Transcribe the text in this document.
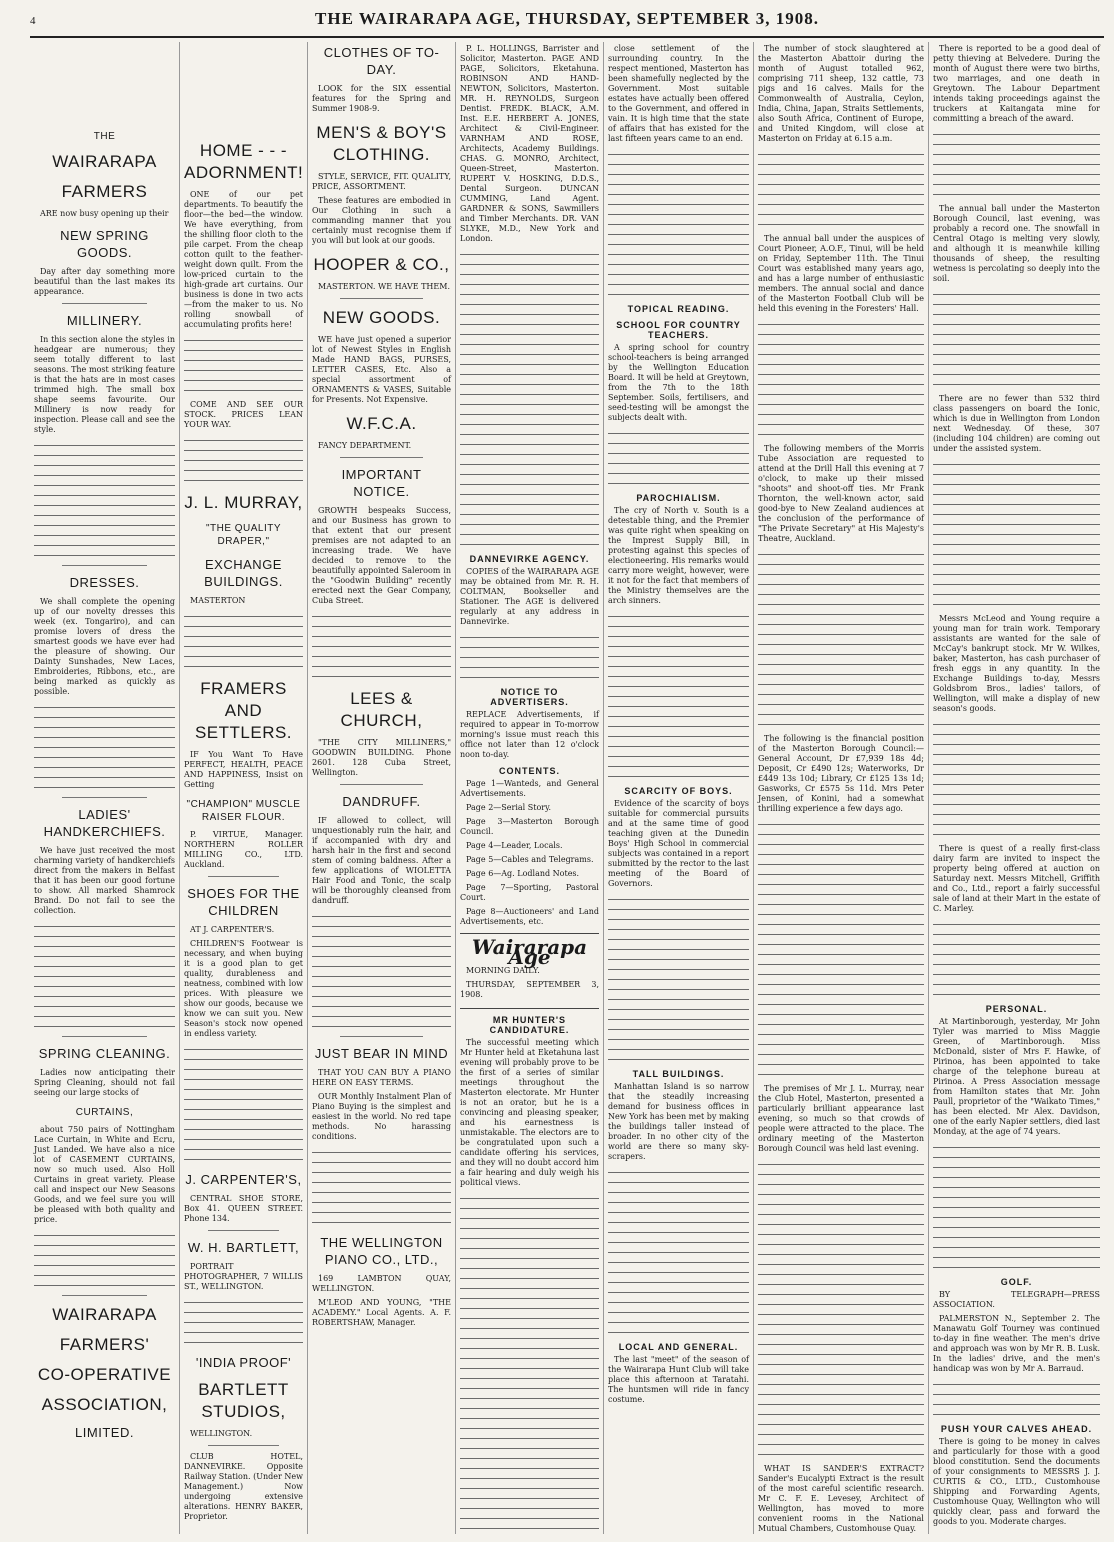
4	THE WAIRARAPA AGE, THURSDAY, SEPTEMBER 3, 1908.
THE
WAIRARAPA
FARMERS
ARE now busy opening up their
NEW SPRING GOODS.
Day after day something more beautiful than the last makes its appearance.
MILLINERY.
In this section alone the styles in headgear are numerous; they seem totally different to last seasons. The most striking feature is that the hats are in most cases trimmed high. The small box shape seems favourite. Our Millinery is now ready for inspection. Please call and see the style.
DRESSES.
We shall complete the opening up of our novelty dresses this week (ex. Tongariro), and can promise lovers of dress the smartest goods we have ever had the pleasure of showing. Our Dainty Sunshades, New Laces, Embroideries, Ribbons, etc., are being marked as quickly as possible.
LADIES' HANDKERCHIEFS.
We have just received the most charming variety of handkerchiefs direct from the makers in Belfast that it has been our good fortune to show. All marked Shamrock Brand. Do not fail to see the collection.
SPRING CLEANING.
Ladies now anticipating their Spring Cleaning, should not fail seeing our large stocks of
CURTAINS,
about 750 pairs of Nottingham Lace Curtain, in White and Ecru, Just Landed. We have also a nice lot of CASEMENT CURTAINS, now so much used. Also Holl Curtains in great variety. Please call and inspect our New Seasons Goods, and we feel sure you will be pleased with both quality and price.
WAIRARAPA
FARMERS'
CO-OPERATIVE
ASSOCIATION,
LIMITED.
HOME - - - ADORNMENT!
ONE of our pet departments. To beautify the floor—the bed—the window. We have everything, from the shilling floor cloth to the pile carpet. From the cheap cotton quilt to the feather-weight down quilt. From the low-priced curtain to the high-grade art curtains. Our business is done in two acts—from the maker to us. No rolling snowball of accumulating profits here!
COME AND SEE OUR STOCK. PRICES LEAN YOUR WAY.
J. L. MURRAY,
"THE QUALITY DRAPER,"
EXCHANGE BUILDINGS.
MASTERTON
FRAMERS AND SETTLERS.
IF You Want To Have PERFECT, HEALTH, PEACE AND HAPPINESS, Insist on Getting
"CHAMPION" MUSCLE RAISER FLOUR.
P. VIRTUE, Manager. NORTHERN ROLLER MILLING CO., LTD. Auckland.
SHOES FOR THE CHILDREN
AT J. CARPENTER'S.
CHILDREN'S Footwear is necessary, and when buying it is a good plan to get quality, durableness and neatness, combined with low prices. With pleasure we show our goods, because we know we can suit you. New Season's stock now opened in endless variety.
J. CARPENTER'S,
CENTRAL SHOE STORE, Box 41. QUEEN STREET. Phone 134.
W. H. BARTLETT,
PORTRAIT PHOTOGRAPHER, 7 WILLIS ST., WELLINGTON.
'INDIA PROOF'
BARTLETT STUDIOS,
WELLINGTON.
CLUB HOTEL, DANNEVIRKE. Opposite Railway Station. (Under New Management.) Now undergoing extensive alterations. HENRY BAKER, Proprietor.
CLOTHES OF TO-DAY.
LOOK for the SIX essential features for the Spring and Summer 1908-9.
MEN'S & BOY'S CLOTHING.
STYLE, SERVICE, FIT. QUALITY, PRICE, ASSORTMENT.
These features are embodied in Our Clothing in such a commanding manner that you certainly must recognise them if you will but look at our goods.
HOOPER & CO.,
MASTERTON. WE HAVE THEM.
NEW GOODS.
WE have just opened a superior lot of Newest Styles in English Made HAND BAGS, PURSES, LETTER CASES, Etc. Also a special assortment of ORNAMENTS & VASES, Suitable for Presents. Not Expensive.
W.F.C.A.
FANCY DEPARTMENT.
IMPORTANT NOTICE.
GROWTH bespeaks Success, and our Business has grown to that extent that our present premises are not adapted to an increasing trade. We have decided to remove to the beautifully appointed Saleroom in the "Goodwin Building" recently erected next the Gear Company, Cuba Street.
LEES & CHURCH,
"THE CITY MILLINERS," GOODWIN BUILDING. Phone 2601. 128 Cuba Street, Wellington.
DANDRUFF.
IF allowed to collect, will unquestionably ruin the hair, and if accompanied with dry and harsh hair in the first and second stem of coming baldness. After a few applications of WIOLETTA Hair Food and Tonic, the scalp will be thoroughly cleansed from dandruff.
JUST BEAR IN MIND
THAT YOU CAN BUY A PIANO HERE ON EASY TERMS.
OUR Monthly Instalment Plan of Piano Buying is the simplest and easiest in the world. No red tape methods. No harassing conditions.
THE WELLINGTON PIANO CO., LTD.,
169 LAMBTON QUAY, WELLINGTON.
M'LEOD AND YOUNG, "THE ACADEMY." Local Agents. A. F. ROBERTSHAW, Manager.
P. L. HOLLINGS, Barrister and Solicitor, Masterton. PAGE AND PAGE, Solicitors, Eketahuna. ROBINSON AND HAND-NEWTON, Solicitors, Masterton. MR. H. REYNOLDS, Surgeon Dentist. FREDK. BLACK, A.M. Inst. E.E. HERBERT A. JONES, Architect & Civil-Engineer. VARNHAM AND ROSE, Architects, Academy Buildings. CHAS. G. MONRO, Architect, Queen-Street, Masterton. RUPERT V. HOSKING, D.D.S., Dental Surgeon. DUNCAN CUMMING, Land Agent. GARDNER & SONS, Sawmillers and Timber Merchants. DR. VAN SLYKE, M.D., New York and London.
DANNEVIRKE AGENCY.
COPIES of the WAIRARAPA AGE may be obtained from Mr. R. H. COLTMAN, Bookseller and Stationer. The AGE is delivered regularly at any address in Dannevirke.
NOTICE TO ADVERTISERS.
REPLACE Advertisements, if required to appear in To-morrow morning's issue must reach this office not later than 12 o'clock noon to-day.
CONTENTS.
Page 1—Wanteds, and General Advertisements.
Page 2—Serial Story.
Page 3—Masterton Borough Council.
Page 4—Leader, Locals.
Page 5—Cables and Telegrams.
Page 6—Ag. Lodland Notes.
Page 7—Sporting, Pastoral Court.
Page 8—Auctioneers' and Land Advertisements, etc.
Wairarapa Age
MORNING DAILY.
THURSDAY, SEPTEMBER 3, 1908.
MR HUNTER'S CANDIDATURE.
The successful meeting which Mr Hunter held at Eketahuna last evening will probably prove to be the first of a series of similar meetings throughout the Masterton electorate. Mr Hunter is not an orator, but he is a convincing and pleasing speaker, and his earnestness is unmistakable. The electors are to be congratulated upon such a candidate offering his services, and they will no doubt accord him a fair hearing and duly weigh his political views.
close settlement of the surrounding country. In the respect mentioned, Masterton has been shamefully neglected by the Government. Most suitable estates have actually been offered to the Government, and offered in vain. It is high time that the state of affairs that has existed for the last fifteen years came to an end.
TOPICAL READING.
SCHOOL FOR COUNTRY TEACHERS.
A spring school for country school-teachers is being arranged by the Wellington Education Board. It will be held at Greytown, from the 7th to the 18th September. Soils, fertilisers, and seed-testing will be amongst the subjects dealt with.
PAROCHIALISM.
The cry of North v. South is a detestable thing, and the Premier was quite right when speaking on the Imprest Supply Bill, in protesting against this species of electioneering. His remarks would carry more weight, however, were it not for the fact that members of the Ministry themselves are the arch sinners.
SCARCITY OF BOYS.
Evidence of the scarcity of boys suitable for commercial pursuits and at the same time of good teaching given at the Dunedin Boys' High School in commercial subjects was contained in a report submitted by the rector to the last meeting of the Board of Governors.
TALL BUILDINGS.
Manhattan Island is so narrow that the steadily increasing demand for business offices in New York has been met by making the buildings taller instead of broader. In no other city of the world are there so many sky-scrapers.
LOCAL AND GENERAL.
The last "meet" of the season of the Wairarapa Hunt Club will take place this afternoon at Taratahi. The huntsmen will ride in fancy costume.
The number of stock slaughtered at the Masterton Abattoir during the month of August totalled 962, comprising 711 sheep, 132 cattle, 73 pigs and 16 calves. Mails for the Commonwealth of Australia, Ceylon, India, China, Japan, Straits Settlements, also South Africa, Continent of Europe, and United Kingdom, will close at Masterton on Friday at 6.15 a.m.
The annual ball under the auspices of Court Pioneer, A.O.F., Tinui, will be held on Friday, September 11th. The Tinui Court was established many years ago, and has a large number of enthusiastic members. The annual social and dance of the Masterton Football Club will be held this evening in the Foresters' Hall.
The following members of the Morris Tube Association are requested to attend at the Drill Hall this evening at 7 o'clock, to make up their missed "shoots" and shoot-off ties. Mr Frank Thornton, the well-known actor, said good-bye to New Zealand audiences at the conclusion of the performance of "The Private Secretary" at His Majesty's Theatre, Auckland.
The following is the financial position of the Masterton Borough Council:—General Account, Dr £7,939 18s 4d; Deposit, Cr £490 12s; Waterworks, Dr £449 13s 10d; Library, Cr £125 13s 1d; Gasworks, Cr £575 5s 11d. Mrs Peter Jensen, of Konini, had a somewhat thrilling experience a few days ago.
The premises of Mr J. L. Murray, near the Club Hotel, Masterton, presented a particularly brilliant appearance last evening, so much so that crowds of people were attracted to the place. The ordinary meeting of the Masterton Borough Council was held last evening.
WHAT IS SANDER'S EXTRACT? Sander's Eucalypti Extract is the result of the most careful scientific research. Mr C. F. E. Levesey, Architect of Wellington, has moved to more convenient rooms in the National Mutual Chambers, Customhouse Quay.
There is reported to be a good deal of petty thieving at Belvedere. During the month of August there were two births, two marriages, and one death in Greytown. The Labour Department intends taking proceedings against the truckers at Kaitangata mine for committing a breach of the award.
The annual ball under the Masterton Borough Council, last evening, was probably a record one. The snowfall in Central Otago is melting very slowly, and although it is meanwhile killing thousands of sheep, the resulting wetness is percolating so deeply into the soil.
There are no fewer than 532 third class passengers on board the Ionic, which is due in Wellington from London next Wednesday. Of these, 307 (including 104 children) are coming out under the assisted system.
Messrs McLeod and Young require a young man for train work. Temporary assistants are wanted for the sale of McCay's bankrupt stock. Mr W. Wilkes, baker, Masterton, has cash purchaser of fresh eggs in any quantity. In the Exchange Buildings to-day, Messrs Goldsbrom Bros., ladies' tailors, of Wellington, will make a display of new season's goods.
There is quest of a really first-class dairy farm are invited to inspect the property being offered at auction on Saturday next. Messrs Mitchell, Griffith and Co., Ltd., report a fairly successful sale of land at their Mart in the estate of C. Marley.
PERSONAL.
At Martinborough, yesterday, Mr John Tyler was married to Miss Maggie Green, of Martinborough. Miss McDonald, sister of Mrs F. Hawke, of Pirinoa, has been appointed to take charge of the telephone bureau at Pirinoa. A Press Association message from Hamilton states that Mr. John Paull, proprietor of the "Waikato Times," has been elected. Mr Alex. Davidson, one of the early Napier settlers, died last Monday, at the age of 74 years.
GOLF.
BY TELEGRAPH—PRESS ASSOCIATION.
PALMERSTON N., September 2. The Manawatu Golf Tourney was continued to-day in fine weather. The men's drive and approach was won by Mr R. B. Lusk. In the ladies' drive, and the men's handicap was won by Mr A. Barraud.
PUSH YOUR CALVES AHEAD.
There is going to be money in calves and particularly for those with a good blood constitution. Send the documents of your consignments to MESSRS J. J. CURTIS & CO., LTD., Customhouse Shipping and Forwarding Agents, Customhouse Quay, Wellington who will quickly clear, pass and forward the goods to you. Moderate charges.
